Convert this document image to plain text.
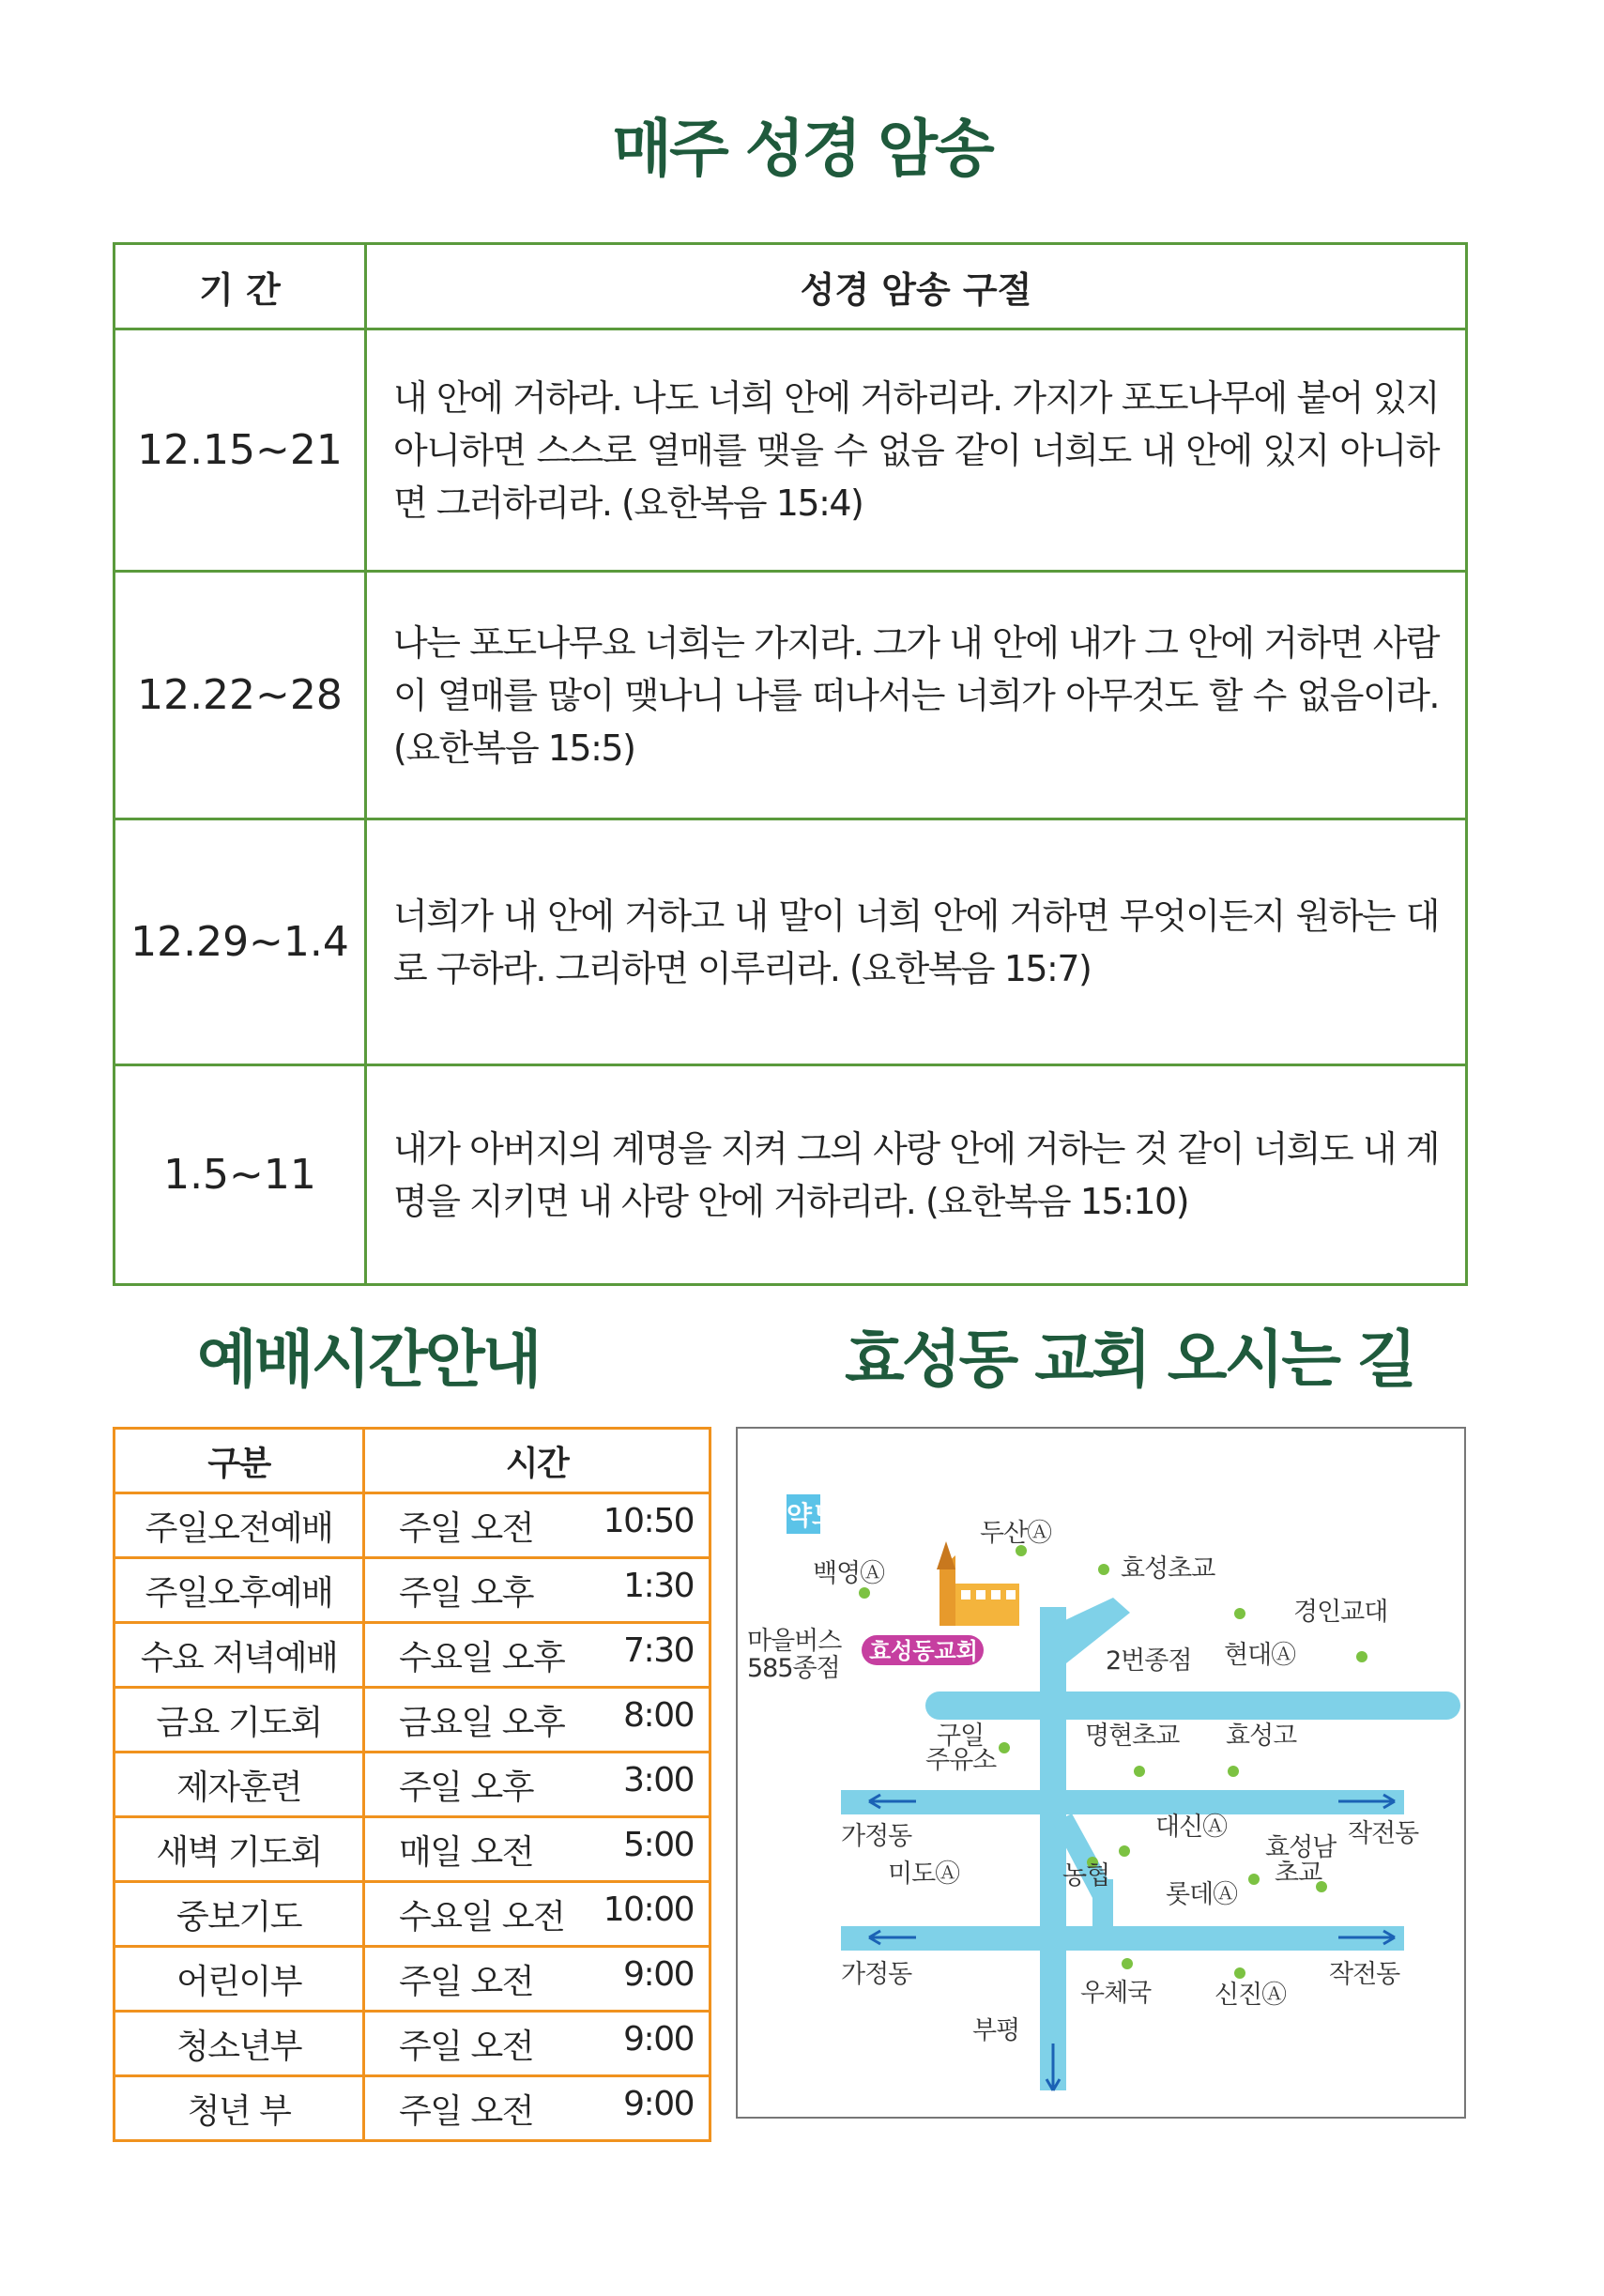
매주 성경 암송
기 간	성경 암송 구절
12.15~21	내 안에 거하라. 나도 너희 안에 거하리라. 가지가 포도나무에 붙어 있지 아니하면 스스로 열매를 맺을 수 없음 같이 너희도 내 안에 있지 아니하면 그러하리라. (요한복음 15:4)
12.22~28	나는 포도나무요 너희는 가지라. 그가 내 안에 내가 그 안에 거하면 사람이 열매를 많이 맺나니 나를 떠나서는 너희가 아무것도 할 수 없음이라. (요한복음 15:5)
12.29~1.4	너희가 내 안에 거하고 내 말이 너희 안에 거하면 무엇이든지 원하는 대로 구하라. 그리하면 이루리라. (요한복음 15:7)
1.5~11	내가 아버지의 계명을 지켜 그의 사랑 안에 거하는 것 같이 너희도 내 계명을 지키면 내 사랑 안에 거하리라. (요한복음 15:10)
예배시간안내	효성동 교회 오시는 길
구분	시간
주일오전예배	주일 오전 10:50

주일오후예배	주일 오후 1:30

수요 저녁예배	수요일 오후 7:30

금요 기도회	금요일 오후 8:00

제자훈련	주일 오후 3:00

새벽 기도회	매일 오전 5:00

중보기도	수요일 오전 10:00

어린이부	주일 오전 9:00

청소년부	주일 오전 9:00

청년 부	주일 오전 9:00
약도
효성동교회
두산Ⓐ
효성초교
백영Ⓐ
경인교대
마을버스
585종점	2번종점 현대Ⓐ
구일
주유소
명현초교 효성고
가정동	대신Ⓐ
효성남
초교
작전동
미도Ⓐ	농협
롯데Ⓐ
가정동	작전동
우체국	신진Ⓐ
부평
